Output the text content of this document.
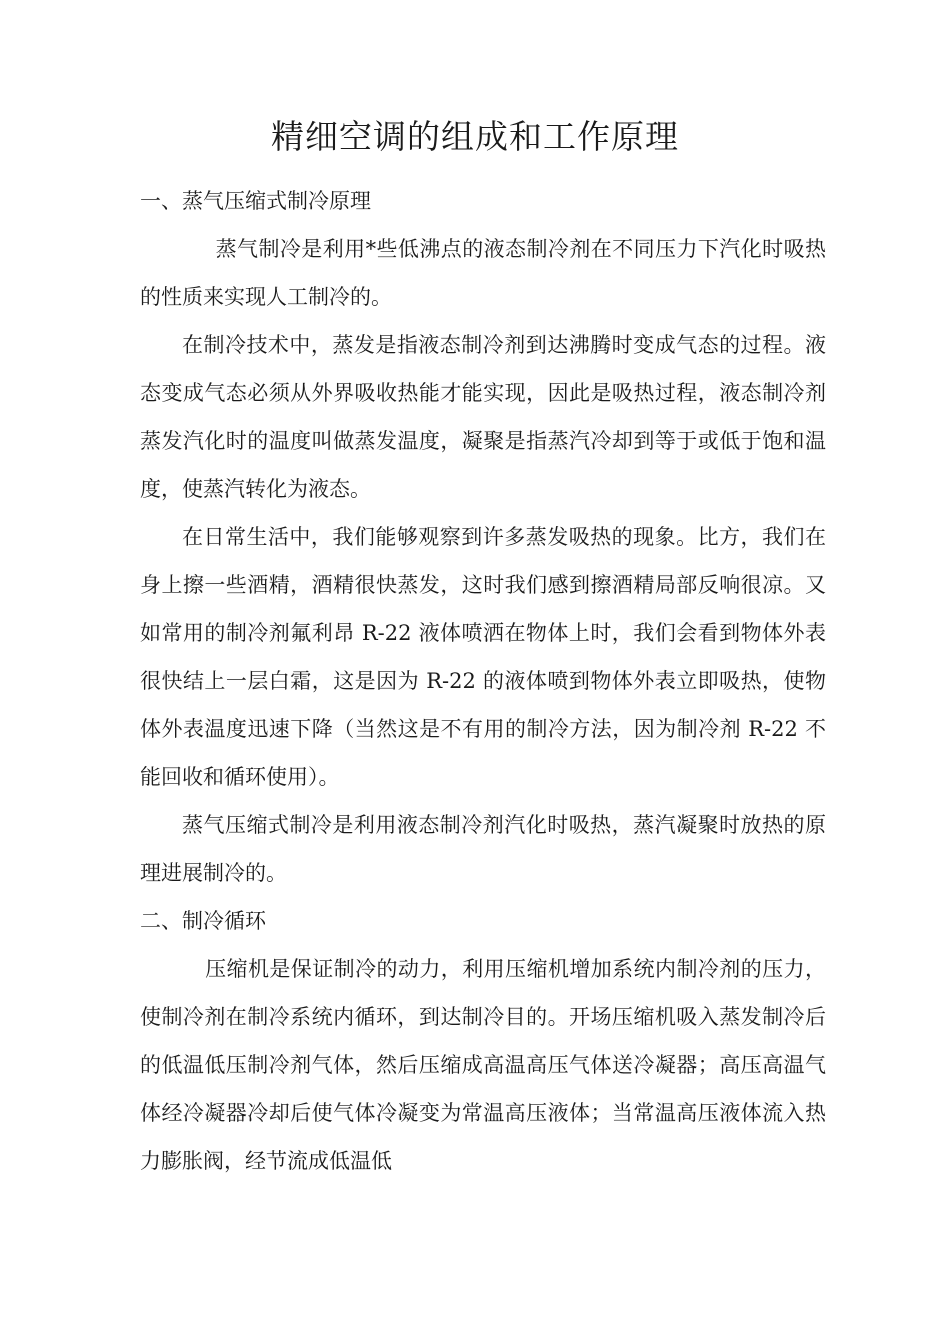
精细空调的组成和工作原理

一、蒸气压缩式制冷原理

蒸气制冷是利用*些低沸点的液态制冷剂在不同压力下汽化时吸热的性质来实现人工制冷的。

在制冷技术中，蒸发是指液态制冷剂到达沸腾时变成气态的过程。液态变成气态必须从外界吸收热能才能实现，因此是吸热过程，液态制冷剂蒸发汽化时的温度叫做蒸发温度，凝聚是指蒸汽冷却到等于或低于饱和温度，使蒸汽转化为液态。

在日常生活中，我们能够观察到许多蒸发吸热的现象。比方，我们在身上擦一些酒精，酒精很快蒸发，这时我们感到擦酒精局部反响很凉。又如常用的制冷剂氟利昂 R-22 液体喷洒在物体上时，我们会看到物体外表很快结上一层白霜，这是因为 R-22 的液体喷到物体外表立即吸热，使物体外表温度迅速下降（当然这是不有用的制冷方法，因为制冷剂 R-22 不能回收和循环使用）。

蒸气压缩式制冷是利用液态制冷剂汽化时吸热，蒸汽凝聚时放热的原理进展制冷的。

二、制冷循环

压缩机是保证制冷的动力，利用压缩机增加系统内制冷剂的压力，使制冷剂在制冷系统内循环，到达制冷目的。开场压缩机吸入蒸发制冷后的低温低压制冷剂气体，然后压缩成高温高压气体送冷凝器；高压高温气体经冷凝器冷却后使气体冷凝变为常温高压液体；当常温高压液体流入热力膨胀阀，经节流成低温低
